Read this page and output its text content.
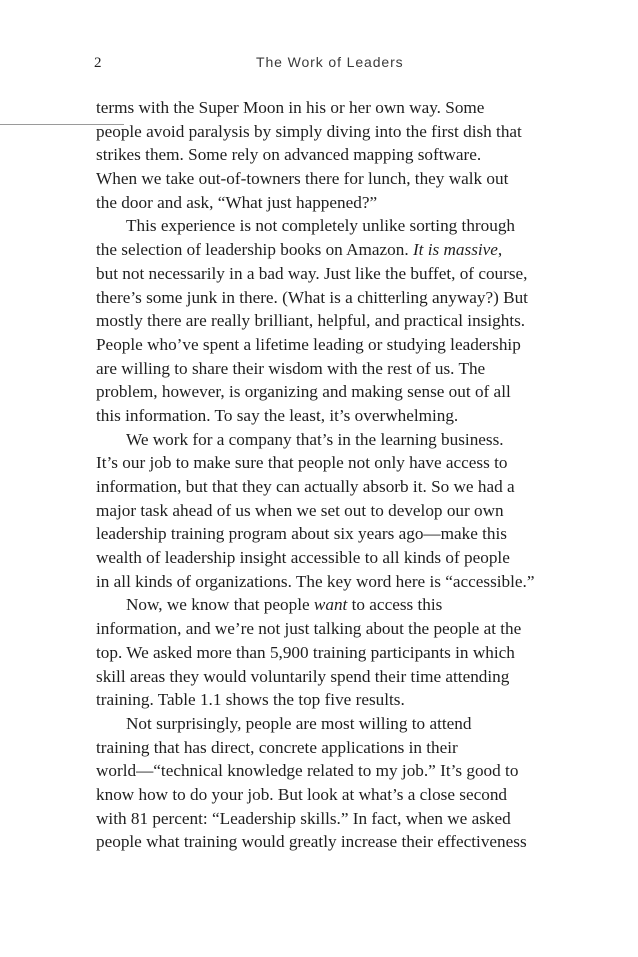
2	The Work of Leaders
terms with the Super Moon in his or her own way. Some
people avoid paralysis by simply diving into the first dish that
strikes them. Some rely on advanced mapping software.
When we take out-of-towners there for lunch, they walk out
the door and ask, “What just happened?”
This experience is not completely unlike sorting through
the selection of leadership books on Amazon. It is massive,
but not necessarily in a bad way. Just like the buffet, of course,
there’s some junk in there. (What is a chitterling anyway?) But
mostly there are really brilliant, helpful, and practical insights.
People who’ve spent a lifetime leading or studying leadership
are willing to share their wisdom with the rest of us. The
problem, however, is organizing and making sense out of all
this information. To say the least, it’s overwhelming.
We work for a company that’s in the learning business.
It’s our job to make sure that people not only have access to
information, but that they can actually absorb it. So we had a
major task ahead of us when we set out to develop our own
leadership training program about six years ago—make this
wealth of leadership insight accessible to all kinds of people
in all kinds of organizations. The key word here is “accessible.”
Now, we know that people want to access this
information, and we’re not just talking about the people at the
top. We asked more than 5,900 training participants in which
skill areas they would voluntarily spend their time attending
training. Table 1.1 shows the top five results.
Not surprisingly, people are most willing to attend
training that has direct, concrete applications in their
world—“technical knowledge related to my job.” It’s good to
know how to do your job. But look at what’s a close second
with 81 percent: “Leadership skills.” In fact, when we asked
people what training would greatly increase their effectiveness
